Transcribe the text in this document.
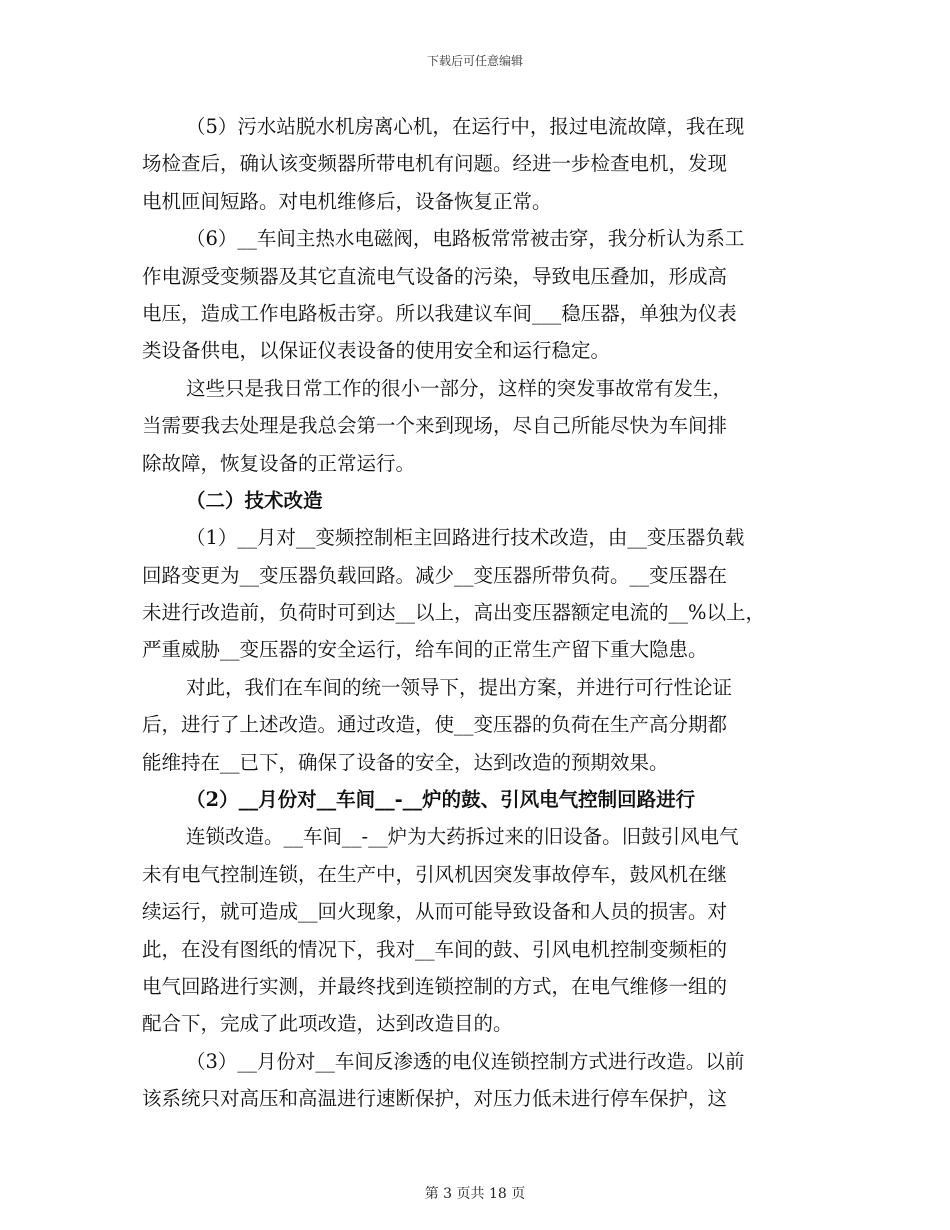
下载后可任意编辑
（5）污水站脱水机房离心机，在运行中，报过电流故障，我在现
场检查后，确认该变频器所带电机有问题。经进一步检查电机，发现
电机匝间短路。对电机维修后，设备恢复正常。
（6）__车间主热水电磁阀，电路板常常被击穿，我分析认为系工
作电源受变频器及其它直流电气设备的污染，导致电压叠加，形成高
电压，造成工作电路板击穿。所以我建议车间___稳压器，单独为仪表
类设备供电，以保证仪表设备的使用安全和运行稳定。
这些只是我日常工作的很小一部分，这样的突发事故常有发生，
当需要我去处理是我总会第一个来到现场，尽自己所能尽快为车间排
除故障，恢复设备的正常运行。
（二）技术改造
（1）__月对__变频控制柜主回路进行技术改造，由__变压器负载
回路变更为__变压器负载回路。减少__变压器所带负荷。__变压器在
未进行改造前，负荷时可到达__以上，高出变压器额定电流的__%以上，
严重威胁__变压器的安全运行，给车间的正常生产留下重大隐患。
对此，我们在车间的统一领导下，提出方案，并进行可行性论证
后，进行了上述改造。通过改造，使__变压器的负荷在生产高分期都
能维持在__已下，确保了设备的安全，达到改造的预期效果。
（2）__月份对__车间__-__炉的鼓、引风电气控制回路进行
连锁改造。__车间__-__炉为大药拆过来的旧设备。旧鼓引风电气
未有电气控制连锁，在生产中，引风机因突发事故停车，鼓风机在继
续运行，就可造成__回火现象，从而可能导致设备和人员的损害。对
此，在没有图纸的情况下，我对__车间的鼓、引风电机控制变频柜的
电气回路进行实测，并最终找到连锁控制的方式，在电气维修一组的
配合下，完成了此项改造，达到改造目的。
（3）__月份对__车间反渗透的电仪连锁控制方式进行改造。以前
该系统只对高压和高温进行速断保护，对压力低未进行停车保护，这
第 3 页共 18 页
